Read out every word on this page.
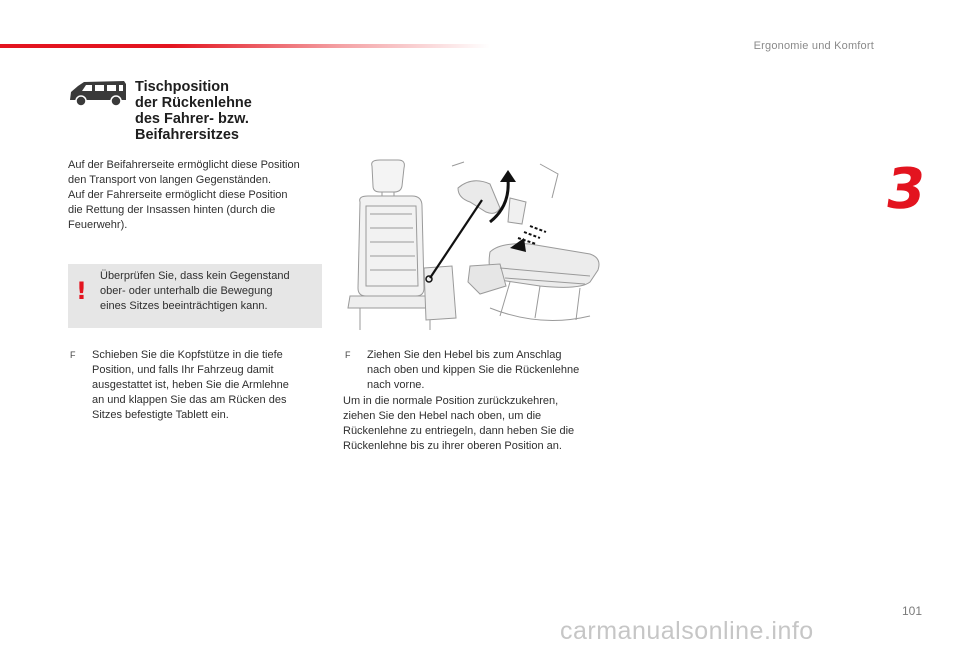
Ergonomie und Komfort
3
Tischposition
der Rückenlehne
des Fahrer- bzw.
Beifahrersitzes
Auf der Beifahrerseite ermöglicht diese Position
den Transport von langen Gegenständen.
Auf der Fahrerseite ermöglicht diese Position
die Rettung der Insassen hinten (durch die
Feuerwehr).
!
Überprüfen Sie, dass kein Gegenstand
ober- oder unterhalb die Bewegung
eines Sitzes beeinträchtigen kann.
F Schieben Sie die Kopfstütze in die tiefe
Position, und falls Ihr Fahrzeug damit
ausgestattet ist, heben Sie die Armlehne
an und klappen Sie das am Rücken des
Sitzes befestigte Tablett ein.
F Ziehen Sie den Hebel bis zum Anschlag
nach oben und kippen Sie die Rückenlehne
nach vorne.
Um in die normale Position zurückzukehren,
ziehen Sie den Hebel nach oben, um die
Rückenlehne zu entriegeln, dann heben Sie die
Rückenlehne bis zu ihrer oberen Position an.
101
carmanualsonline.info
